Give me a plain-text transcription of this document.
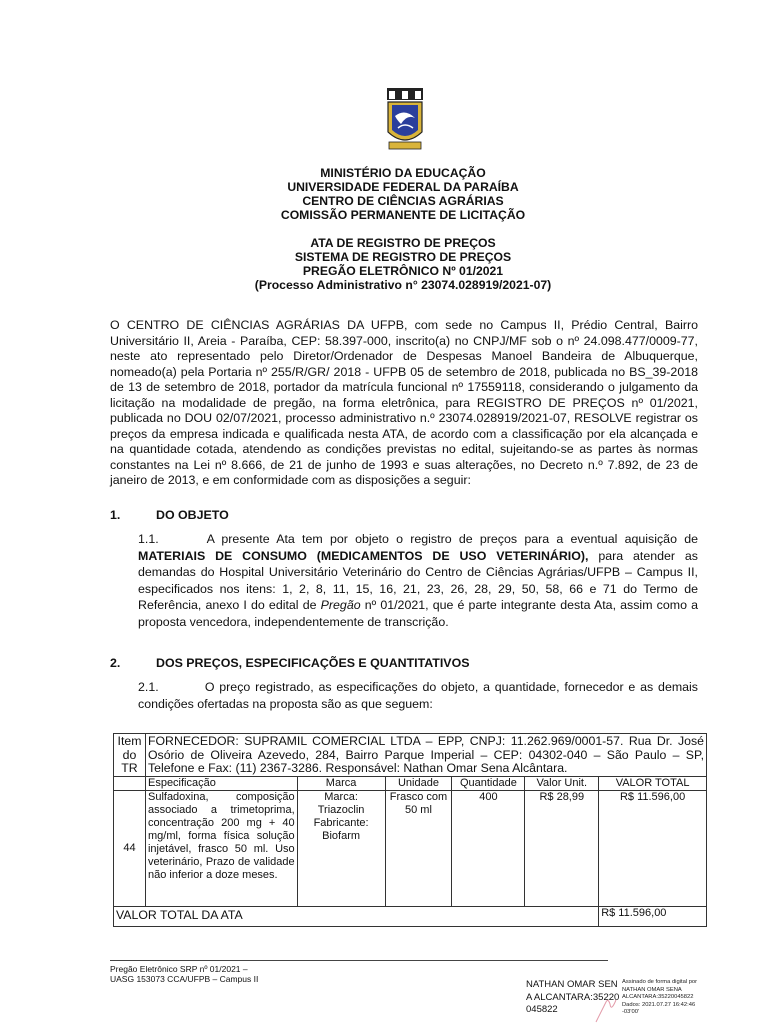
MINISTÉRIO DA EDUCAÇÃO
UNIVERSIDADE FEDERAL DA PARAÍBA
CENTRO DE CIÊNCIAS AGRÁRIAS
COMISSÃO PERMANENTE DE LICITAÇÃO
ATA DE REGISTRO DE PREÇOS
SISTEMA DE REGISTRO DE PREÇOS
PREGÃO ELETRÔNICO Nº 01/2021
(Processo Administrativo n° 23074.028919/2021-07)
O CENTRO DE CIÊNCIAS AGRÁRIAS DA UFPB, com sede no Campus II, Prédio Central, Bairro Universitário II, Areia - Paraíba, CEP: 58.397-000, inscrito(a) no CNPJ/MF sob o nº 24.098.477/0009-77, neste ato representado pelo Diretor/Ordenador de Despesas Manoel Bandeira de Albuquerque, nomeado(a) pela Portaria nº 255/R/GR/ 2018 - UFPB 05 de setembro de 2018, publicada no BS_39-2018 de 13 de setembro de 2018, portador da matrícula funcional nº 17559118, considerando o julgamento da licitação na modalidade de pregão, na forma eletrônica, para REGISTRO DE PREÇOS nº 01/2021, publicada no DOU 02/07/2021, processo administrativo n.º 23074.028919/2021-07, RESOLVE registrar os preços da empresa indicada e qualificada nesta ATA, de acordo com a classificação por ela alcançada e na quantidade cotada, atendendo as condições previstas no edital, sujeitando-se as partes às normas constantes na Lei nº 8.666, de 21 de junho de 1993 e suas alterações, no Decreto n.º 7.892, de 23 de janeiro de 2013, e em conformidade com as disposições a seguir:
1.	DO OBJETO
1.1.	A presente Ata tem por objeto o registro de preços para a eventual aquisição de MATERIAIS DE CONSUMO (MEDICAMENTOS DE USO VETERINÁRIO), para atender as demandas do Hospital Universitário Veterinário do Centro de Ciências Agrárias/UFPB – Campus II, especificados nos itens: 1, 2, 8, 11, 15, 16, 21, 23, 26, 28, 29, 50, 58, 66 e 71 do Termo de Referência, anexo I do edital de Pregão nº 01/2021, que é parte integrante desta Ata, assim como a proposta vencedora, independentemente de transcrição.
2.	DOS PREÇOS, ESPECIFICAÇÕES E QUANTITATIVOS
2.1.	O preço registrado, as especificações do objeto, a quantidade, fornecedor e as demais condições ofertadas na proposta são as que seguem:
Item do TR	FORNECEDOR: SUPRAMIL COMERCIAL LTDA – EPP, CNPJ: 11.262.969/0001-57. Rua Dr. José Osório de Oliveira Azevedo, 284, Bairro Parque Imperial – CEP: 04302-040 – São Paulo – SP, Telefone e Fax: (11) 2367-3286. Responsável: Nathan Omar Sena Alcântara.					
	Especificação	Marca	Unidade	Quantidade	Valor Unit.	VALOR TOTAL
44	Sulfadoxina, composição associado a trimetoprima, concentração 200 mg + 40 mg/ml, forma física solução injetável, frasco 50 ml. Uso veterinário, Prazo de validade não inferior a doze meses.	Marca: Triazoclin Fabricante: Biofarm	Frasco com 50 ml	400	R$ 28,99	R$ 11.596,00
VALOR TOTAL DA ATA						R$ 11.596,00
Pregão Eletrônico SRP nº 01/2021 –
UASG 153073 CCA/UFPB – Campus II	NATHAN OMAR SENA ALCANTARA:35220045822
Assinado de forma digital por NATHAN OMAR SENA ALCANTARA:35220045822
Dados: 2021.07.27 16:42:46 -03'00'
